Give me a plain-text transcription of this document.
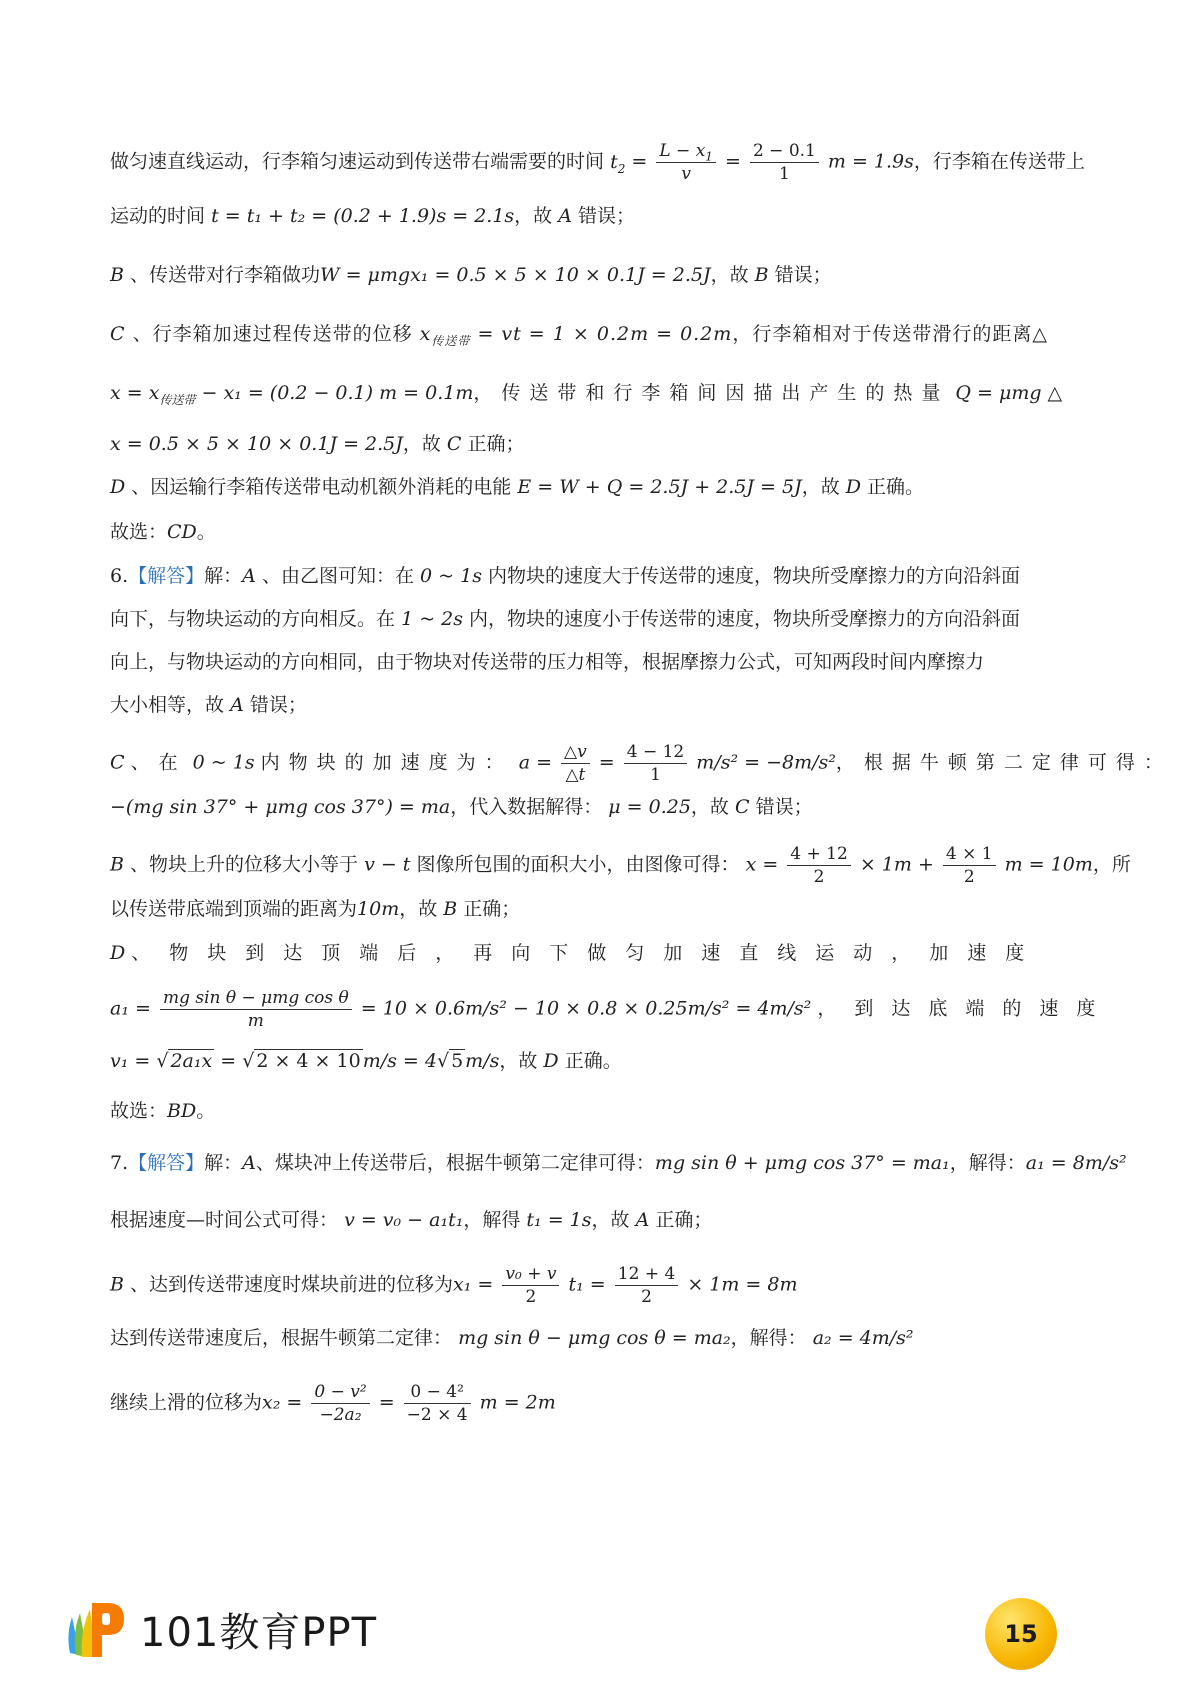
做匀速直线运动，行李箱匀速运动到传送带右端需要的时间 $t_2 = \frac{L - x_1}{v} = \frac{2 - 0.1}{1}$ m = 1.9s，行李箱在传送带上
运动的时间 t = t₁ + t₂ = (0.2 + 1.9)s = 2.1s，故 A 错误；
B 、传送带对行李箱做功W = μmgx₁ = 0.5 × 5 × 10 × 0.1J = 2.5J，故 B 错误；
C 、行李箱加速过程传送带的位移 $x_{传送带}$ = vt = 1 × 0.2m = 0.2m，行李箱相对于传送带滑行的距离△
$x = x_{传送带} - x_1 = (0.2 - 0.1) m = 0.1m$，传送带和行李箱间因描出产生的热量 Q = μmg △
x = 0.5 × 5 × 10 × 0.1J = 2.5J，故 C 正确；
D 、因运输行李箱传送带电动机额外消耗的电能 E = W + Q = 2.5J + 2.5J = 5J，故 D 正确。
故选：CD。
6.【解答】解：A 、由乙图可知：在 0 ~ 1s 内物块的速度大于传送带的速度，物块所受摩擦力的方向沿斜面
向下，与物块运动的方向相反。在 1 ~ 2s 内，物块的速度小于传送带的速度，物块所受摩擦力的方向沿斜面
向上，与物块运动的方向相同，由于物块对传送带的压力相等，根据摩擦力公式，可知两段时间内摩擦力
大小相等，故 A 错误；
C 、在 0 ~ 1s 内物块的加速度为： $a = \frac{\triangle v}{\triangle t} = \frac{4 - 12}{1} m/s^2 = -8m/s^2$，根据牛顿第二定律可得：
−(mg sin 37° + μmg cos 37°) = ma，代入数据解得： μ = 0.25，故 C 错误；
B 、物块上升的位移大小等于 v − t 图像所包围的面积大小，由图像可得： $x = \frac{4 + 12}{2} \times 1m + \frac{4 \times 1}{2}$ m = 10m，所
以传送带底端到顶端的距离为10m，故 B 正确；
D 、物块到达顶端后，再向下做匀加速直线运动，加速度
$a_1 = \frac{\text{mg sin θ − μmg cos θ}}{m} = 10 \times 0.6m/s^2 - 10 \times 0.8 \times 0.25m/s^2 = 4m/s^2$ ，到达底端的速度
v₁ = √ 2a₁x = √ 2 × 4 × 10 m/s = 4√ 5 m/s，故 D 正确。
故选：BD。
7.【解答】解：A、煤块冲上传送带后，根据牛顿第二定律可得：mg sin θ + μmg cos 37° = ma₁，解得：a₁ = 8m/s²
根据速度—时间公式可得： v = v₀ − a₁t₁，解得 t₁ = 1s，故 A 正确；
B 、达到传送带速度时煤块前进的位移为$x_1 = \frac{\text{v₀ + v}}{2} t_1 = \frac{12 + 4}{2} \times 1m = 8m$
达到传送带速度后，根据牛顿第二定律： mg sin θ − μmg cos θ = ma₂，解得： a₂ = 4m/s²
继续上滑的位移为$x_2 = \frac{\text{0 − v²}}{\text{−2a₂}} = \frac{\text{0 − 4²}}{-2 \times 4}$ m = 2m
101教育PPT	15
